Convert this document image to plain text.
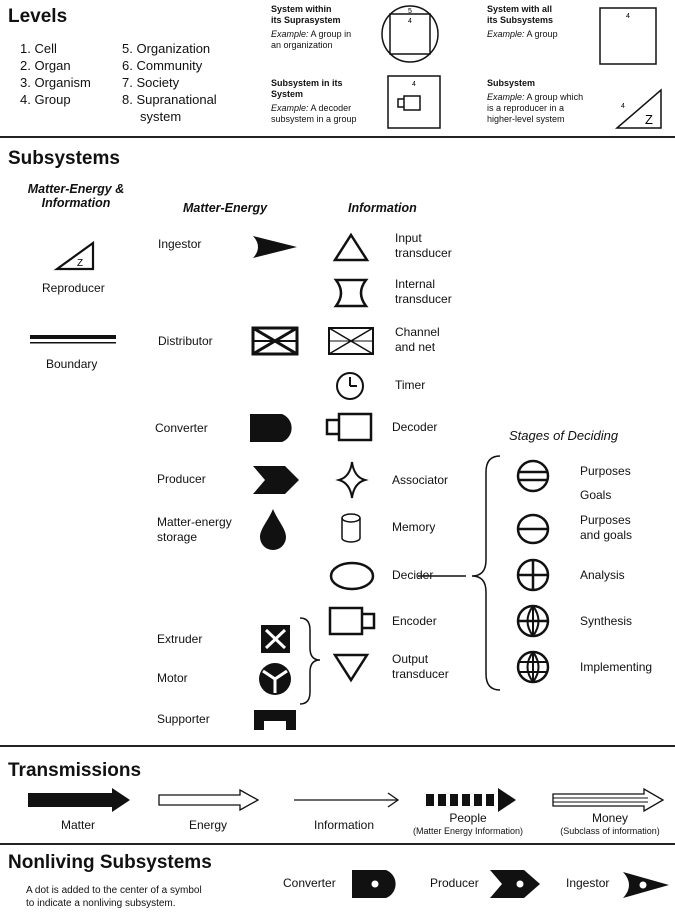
Levels
1. Cell
2. Organ
3. Organism
4. Group
5. Organization
6. Community
7. Society
8. Supranational
system
System within
its Suprasystem
Example: A group in
an organization
5
4
System with all
its Subsystems
Example: A group
4
Subsystem in its
System
Example: A decoder
subsystem in a group
4	Subsystem
Example: A group which
is a reproducer in a
higher-level system
4
Z
Subsystems
Matter-Energy &
Information	Matter-Energy	Information
Z
Reproducer
Boundary
Ingestor
Distributor
Converter
Producer
Matter-energy
storage
Extruder
Motor
Supporter
Input
transducer
Internal
transducer
Channel
and net
Timer
Decoder
Associator
Memory
Decider
Encoder
Output
transducer
Stages of Deciding
Purposes
Goals
Purposes
and goals
Analysis
Synthesis
Implementing
Transmissions
Matter	Energy	Information	People
(Matter Energy Information)
Money
(Subclass of information)
Nonliving Subsystems
A dot is added to the center of a symbol
to indicate a nonliving subsystem.
Converter	Producer	Ingestor
